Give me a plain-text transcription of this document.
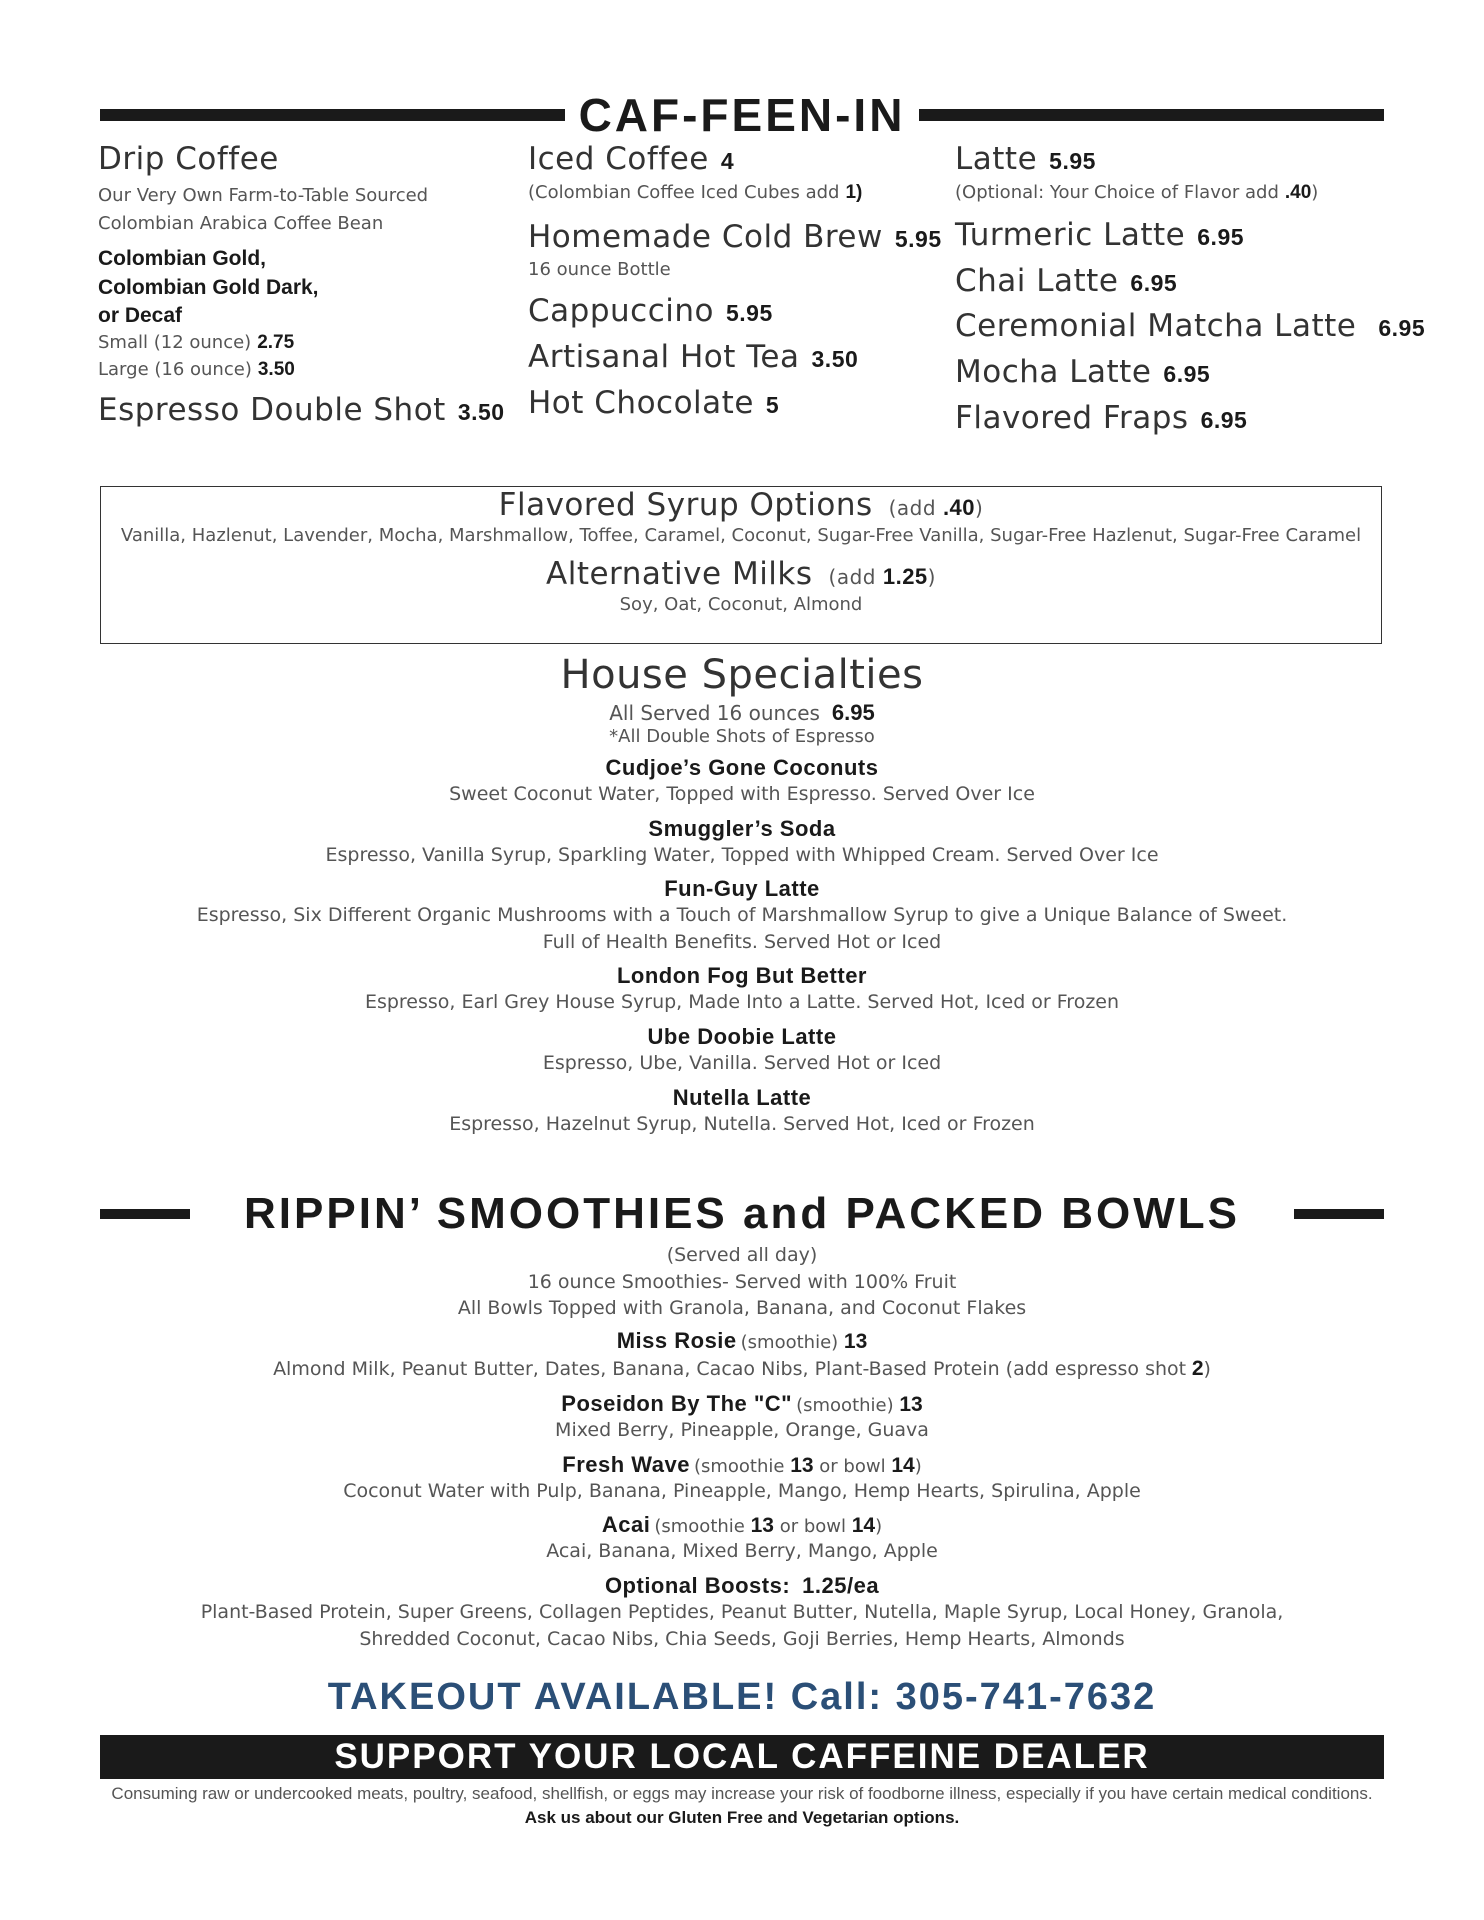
CAF-FEEN-IN
Drip Coffee
Our Very Own Farm-to-Table Sourced
Colombian Arabica Coffee Bean
Colombian Gold,
Colombian Gold Dark,
or Decaf
Small (12 ounce) 2.75
Large (16 ounce) 3.50
Espresso Double Shot 3.50
Iced Coffee 4
(Colombian Coffee Iced Cubes add 1)
Homemade Cold Brew 5.95
16 ounce Bottle
Cappuccino 5.95
Artisanal Hot Tea 3.50
Hot Chocolate 5
Latte 5.95
(Optional: Your Choice of Flavor add .40)
Turmeric Latte 6.95
Chai Latte 6.95
Ceremonial Matcha Latte 6.95
Mocha Latte 6.95
Flavored Fraps 6.95
Flavored Syrup Options (add .40)
Vanilla, Hazlenut, Lavender, Mocha, Marshmallow, Toffee, Caramel, Coconut, Sugar-Free Vanilla, Sugar-Free Hazlenut, Sugar-Free Caramel
Alternative Milks (add 1.25)
Soy, Oat, Coconut, Almond
House Specialties
All Served 16 ounces 6.95
*All Double Shots of Espresso
Cudjoe’s Gone Coconuts
Sweet Coconut Water, Topped with Espresso. Served Over Ice
Smuggler’s Soda
Espresso, Vanilla Syrup, Sparkling Water, Topped with Whipped Cream. Served Over Ice
Fun-Guy Latte
Espresso, Six Different Organic Mushrooms with a Touch of Marshmallow Syrup to give a Unique Balance of Sweet.
Full of Health Benefits. Served Hot or Iced
London Fog But Better
Espresso, Earl Grey House Syrup, Made Into a Latte. Served Hot, Iced or Frozen
Ube Doobie Latte
Espresso, Ube, Vanilla. Served Hot or Iced
Nutella Latte
Espresso, Hazelnut Syrup, Nutella. Served Hot, Iced or Frozen
RIPPIN’ SMOOTHIES and PACKED BOWLS
(Served all day)
16 ounce Smoothies- Served with 100% Fruit
All Bowls Topped with Granola, Banana, and Coconut Flakes
Miss Rosie (smoothie) 13
Almond Milk, Peanut Butter, Dates, Banana, Cacao Nibs, Plant-Based Protein (add espresso shot 2)
Poseidon By The "C" (smoothie) 13
Mixed Berry, Pineapple, Orange, Guava
Fresh Wave (smoothie 13 or bowl 14)
Coconut Water with Pulp, Banana, Pineapple, Mango, Hemp Hearts, Spirulina, Apple
Acai (smoothie 13 or bowl 14)
Acai, Banana, Mixed Berry, Mango, Apple
Optional Boosts: 1.25/ea
Plant-Based Protein, Super Greens, Collagen Peptides, Peanut Butter, Nutella, Maple Syrup, Local Honey, Granola,
Shredded Coconut, Cacao Nibs, Chia Seeds, Goji Berries, Hemp Hearts, Almonds
TAKEOUT AVAILABLE! Call: 305-741-7632
SUPPORT YOUR LOCAL CAFFEINE DEALER
Consuming raw or undercooked meats, poultry, seafood, shellfish, or eggs may increase your risk of foodborne illness, especially if you have certain medical conditions.
Ask us about our Gluten Free and Vegetarian options.
